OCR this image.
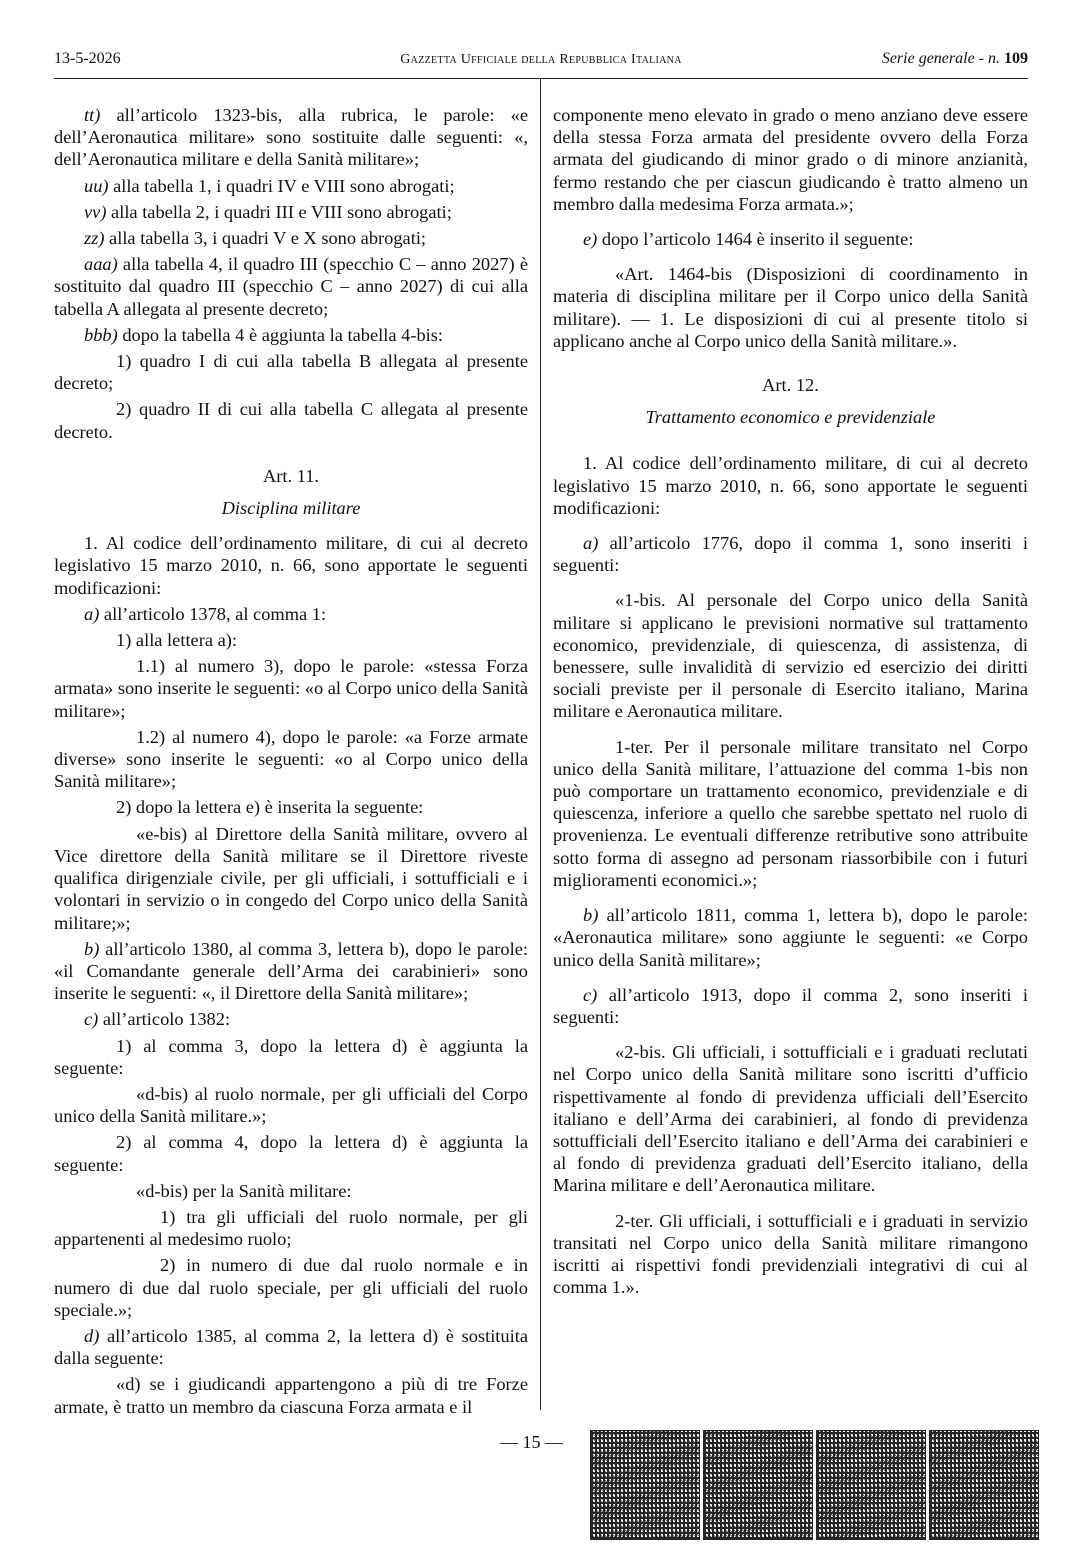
13-5-2026	Gazzetta Ufficiale della Repubblica Italiana	Serie generale - n. 109

tt) all’articolo 1323-bis, alla rubrica, le parole: «e dell’Aeronautica militare» sono sostituite dalle seguenti: «, dell’Aeronautica militare e della Sanità militare»;

uu) alla tabella 1, i quadri IV e VIII sono abrogati;

vv) alla tabella 2, i quadri III e VIII sono abrogati;

zz) alla tabella 3, i quadri V e X sono abrogati;

aaa) alla tabella 4, il quadro III (specchio C – anno 2027) è sostituito dal quadro III (specchio C – anno 2027) di cui alla tabella A allegata al presente decreto;

bbb) dopo la tabella 4 è aggiunta la tabella 4-bis:

1) quadro I di cui alla tabella B allegata al presente decreto;

2) quadro II di cui alla tabella C allegata al presente decreto.

Art. 11.

Disciplina militare

1. Al codice dell’ordinamento militare, di cui al decreto legislativo 15 marzo 2010, n. 66, sono apportate le seguenti modificazioni:

a) all’articolo 1378, al comma 1:

1) alla lettera a):

1.1) al numero 3), dopo le parole: «stessa Forza armata» sono inserite le seguenti: «o al Corpo unico della Sanità militare»;

1.2) al numero 4), dopo le parole: «a Forze armate diverse» sono inserite le seguenti: «o al Corpo unico della Sanità militare»;

2) dopo la lettera e) è inserita la seguente:

«e-bis) al Direttore della Sanità militare, ovvero al Vice direttore della Sanità militare se il Direttore riveste qualifica dirigenziale civile, per gli ufficiali, i sottufficiali e i volontari in servizio o in congedo del Corpo unico della Sanità militare;»;

b) all’articolo 1380, al comma 3, lettera b), dopo le parole: «il Comandante generale dell’Arma dei carabinieri» sono inserite le seguenti: «, il Direttore della Sanità militare»;

c) all’articolo 1382:

1) al comma 3, dopo la lettera d) è aggiunta la seguente:

«d-bis) al ruolo normale, per gli ufficiali del Corpo unico della Sanità militare.»;

2) al comma 4, dopo la lettera d) è aggiunta la seguente:

«d-bis) per la Sanità militare:

1) tra gli ufficiali del ruolo normale, per gli appartenenti al medesimo ruolo;

2) in numero di due dal ruolo normale e in numero di due dal ruolo speciale, per gli ufficiali del ruolo speciale.»;

d) all’articolo 1385, al comma 2, la lettera d) è sostituita dalla seguente:

«d) se i giudicandi appartengono a più di tre Forze armate, è tratto un membro da ciascuna Forza armata e il

componente meno elevato in grado o meno anziano deve essere della stessa Forza armata del presidente ovvero della Forza armata del giudicando di minor grado o di minore anzianità, fermo restando che per ciascun giudicando è tratto almeno un membro dalla medesima Forza armata.»;

e) dopo l’articolo 1464 è inserito il seguente:

«Art. 1464-bis (Disposizioni di coordinamento in materia di disciplina militare per il Corpo unico della Sanità militare). — 1. Le disposizioni di cui al presente titolo si applicano anche al Corpo unico della Sanità militare.».

Art. 12.

Trattamento economico e previdenziale

1. Al codice dell’ordinamento militare, di cui al decreto legislativo 15 marzo 2010, n. 66, sono apportate le seguenti modificazioni:

a) all’articolo 1776, dopo il comma 1, sono inseriti i seguenti:

«1-bis. Al personale del Corpo unico della Sanità militare si applicano le previsioni normative sul trattamento economico, previdenziale, di quiescenza, di assistenza, di benessere, sulle invalidità di servizio ed esercizio dei diritti sociali previste per il personale di Esercito italiano, Marina militare e Aeronautica militare.

1-ter. Per il personale militare transitato nel Corpo unico della Sanità militare, l’attuazione del comma 1-bis non può comportare un trattamento economico, previdenziale e di quiescenza, inferiore a quello che sarebbe spettato nel ruolo di provenienza. Le eventuali differenze retributive sono attribuite sotto forma di assegno ad personam riassorbibile con i futuri miglioramenti economici.»;

b) all’articolo 1811, comma 1, lettera b), dopo le parole: «Aeronautica militare» sono aggiunte le seguenti: «e Corpo unico della Sanità militare»;

c) all’articolo 1913, dopo il comma 2, sono inseriti i seguenti:

«2-bis. Gli ufficiali, i sottufficiali e i graduati reclutati nel Corpo unico della Sanità militare sono iscritti d’ufficio rispettivamente al fondo di previdenza ufficiali dell’Esercito italiano e dell’Arma dei carabinieri, al fondo di previdenza sottufficiali dell’Esercito italiano e dell’Arma dei carabinieri e al fondo di previdenza graduati dell’Esercito italiano, della Marina militare e dell’Aeronautica militare.

2-ter. Gli ufficiali, i sottufficiali e i graduati in servizio transitati nel Corpo unico della Sanità militare rimangono iscritti ai rispettivi fondi previdenziali integrativi di cui al comma 1.».

— 15 —
